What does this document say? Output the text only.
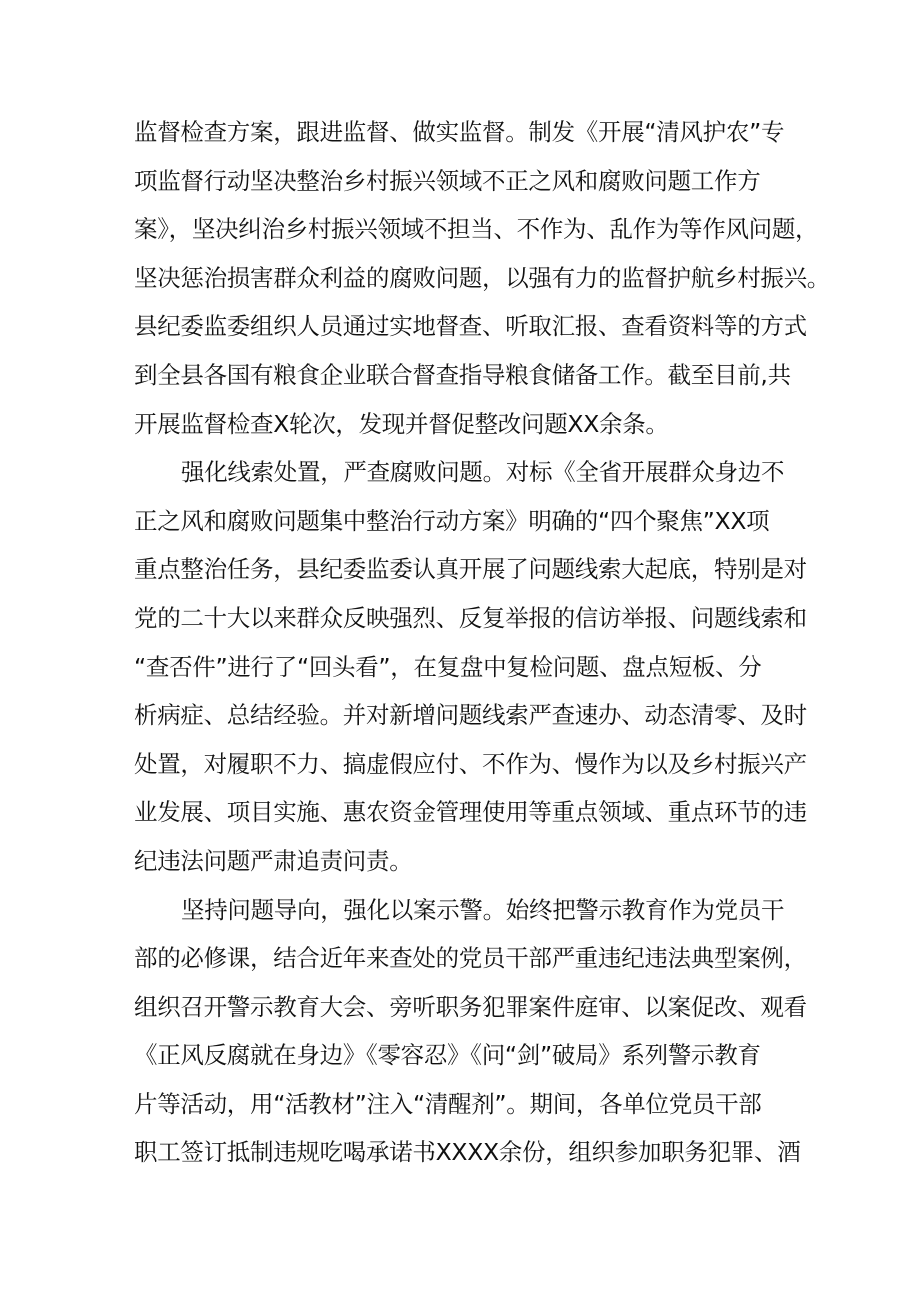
监督检查方案，跟进监督、做实监督。制发《开展“清风护农”专
项监督行动坚决整治乡村振兴领域不正之风和腐败问题工作方
案》，坚决纠治乡村振兴领域不担当、不作为、乱作为等作风问题，
坚决惩治损害群众利益的腐败问题，以强有力的监督护航乡村振兴。
县纪委监委组织人员通过实地督查、听取汇报、查看资料等的方式
到全县各国有粮食企业联合督查指导粮食储备工作。截至目前,共
开展监督检查X轮次，发现并督促整改问题XX余条。
强化线索处置，严查腐败问题。对标《全省开展群众身边不
正之风和腐败问题集中整治行动方案》明确的“四个聚焦”XX项
重点整治任务，县纪委监委认真开展了问题线索大起底，特别是对
党的二十大以来群众反映强烈、反复举报的信访举报、问题线索和
“查否件”进行了“回头看”，在复盘中复检问题、盘点短板、分
析病症、总结经验。并对新增问题线索严查速办、动态清零、及时
处置，对履职不力、搞虚假应付、不作为、慢作为以及乡村振兴产
业发展、项目实施、惠农资金管理使用等重点领域、重点环节的违
纪违法问题严肃追责问责。
坚持问题导向，强化以案示警。始终把警示教育作为党员干
部的必修课，结合近年来查处的党员干部严重违纪违法典型案例，
组织召开警示教育大会、旁听职务犯罪案件庭审、以案促改、观看
《正风反腐就在身边》《零容忍》《问“剑”破局》系列警示教育
片等活动，用“活教材”注入“清醒剂”。期间，各单位党员干部
职工签订抵制违规吃喝承诺书XXXX余份，组织参加职务犯罪、酒
